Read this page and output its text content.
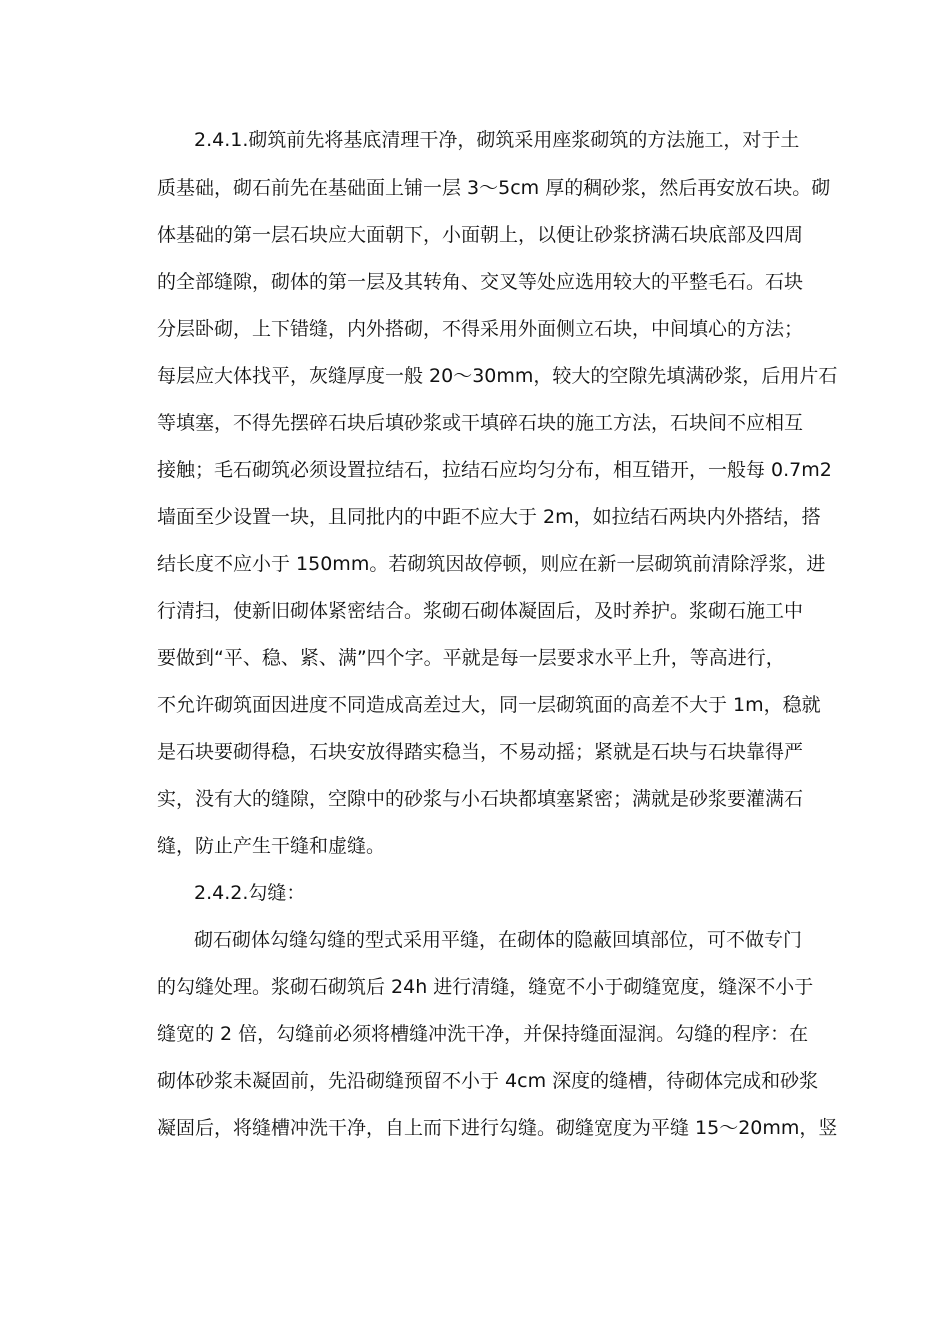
2.4.1.砌筑前先将基底清理干净，砌筑采用座浆砌筑的方法施工，对于土
质基础，砌石前先在基础面上铺一层 3～5cm 厚的稠砂浆，然后再安放石块。砌
体基础的第一层石块应大面朝下，小面朝上，以便让砂浆挤满石块底部及四周
的全部缝隙，砌体的第一层及其转角、交叉等处应选用较大的平整毛石。石块
分层卧砌，上下错缝，内外搭砌，不得采用外面侧立石块，中间填心的方法；
每层应大体找平，灰缝厚度一般 20～30mm，较大的空隙先填满砂浆，后用片石
等填塞，不得先摆碎石块后填砂浆或干填碎石块的施工方法，石块间不应相互
接触；毛石砌筑必须设置拉结石，拉结石应均匀分布，相互错开，一般每 0.7m2
墙面至少设置一块，且同批内的中距不应大于 2m，如拉结石两块内外搭结，搭
结长度不应小于 150mm。若砌筑因故停顿，则应在新一层砌筑前清除浮浆，进
行清扫，使新旧砌体紧密结合。浆砌石砌体凝固后，及时养护。浆砌石施工中
要做到“平、稳、紧、满”四个字。平就是每一层要求水平上升，等高进行，
不允许砌筑面因进度不同造成高差过大，同一层砌筑面的高差不大于 1m，稳就
是石块要砌得稳，石块安放得踏实稳当，不易动摇；紧就是石块与石块靠得严
实，没有大的缝隙，空隙中的砂浆与小石块都填塞紧密；满就是砂浆要灌满石
缝，防止产生干缝和虚缝。
2.4.2.勾缝：
砌石砌体勾缝勾缝的型式采用平缝，在砌体的隐蔽回填部位，可不做专门
的勾缝处理。浆砌石砌筑后 24h 进行清缝，缝宽不小于砌缝宽度，缝深不小于
缝宽的 2 倍，勾缝前必须将槽缝冲洗干净，并保持缝面湿润。勾缝的程序：在
砌体砂浆未凝固前，先沿砌缝预留不小于 4cm 深度的缝槽，待砌体完成和砂浆
凝固后，将缝槽冲洗干净，自上而下进行勾缝。砌缝宽度为平缝 15～20mm，竖
